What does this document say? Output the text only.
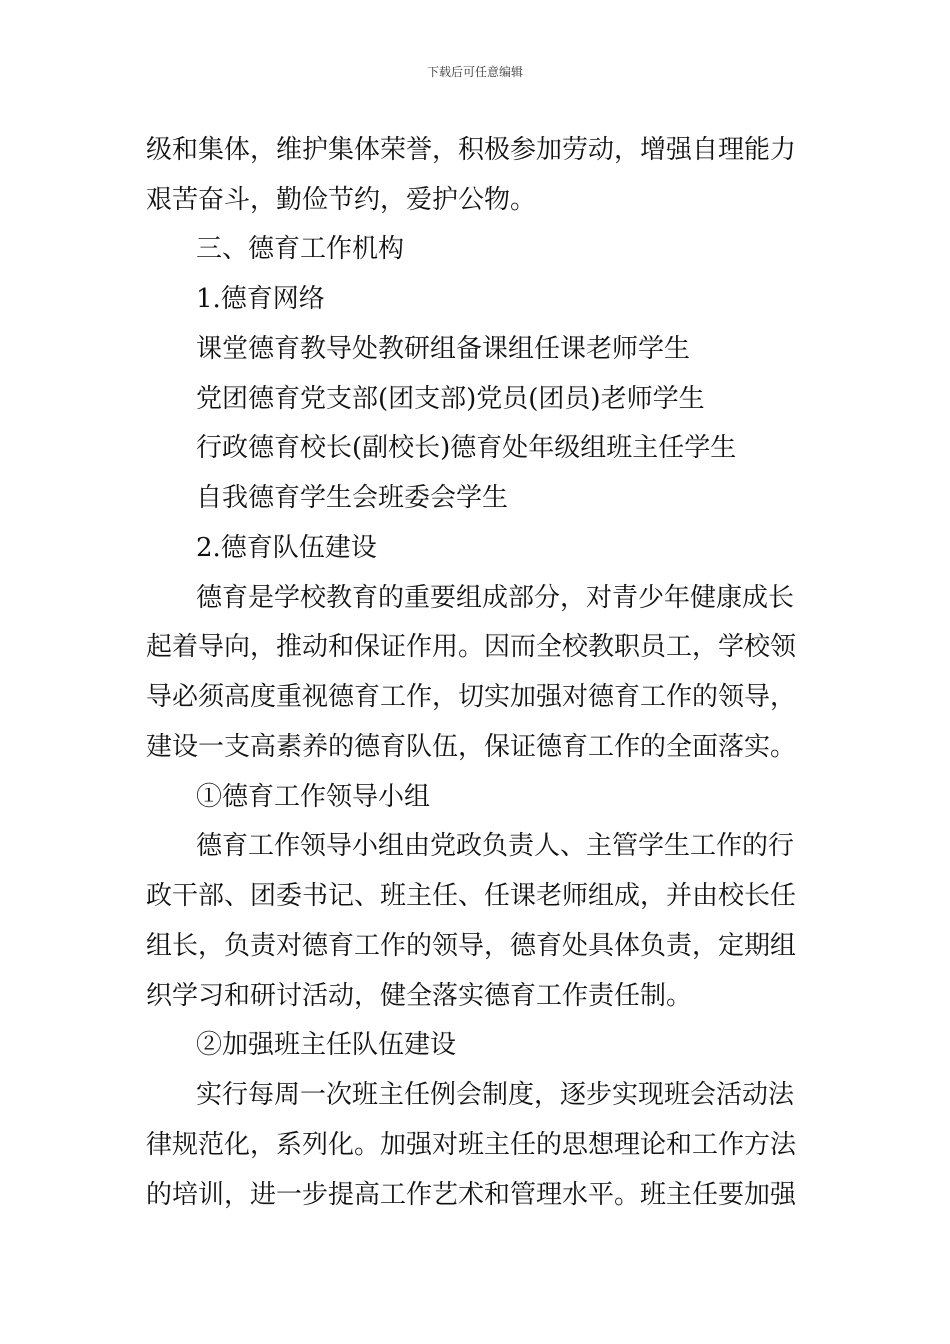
下载后可任意编辑
级和集体，维护集体荣誉，积极参加劳动，增强自理能力
艰苦奋斗，勤俭节约，爱护公物。
三、德育工作机构
1.德育网络
课堂德育教导处教研组备课组任课老师学生
党团德育党支部(团支部)党员(团员)老师学生
行政德育校长(副校长)德育处年级组班主任学生
自我德育学生会班委会学生
2.德育队伍建设
德育是学校教育的重要组成部分，对青少年健康成长
起着导向，推动和保证作用。因而全校教职员工，学校领
导必须高度重视德育工作，切实加强对德育工作的领导，
建设一支高素养的德育队伍，保证德育工作的全面落实。
①德育工作领导小组
德育工作领导小组由党政负责人、主管学生工作的行
政干部、团委书记、班主任、任课老师组成，并由校长任
组长，负责对德育工作的领导，德育处具体负责，定期组
织学习和研讨活动，健全落实德育工作责任制。
②加强班主任队伍建设
实行每周一次班主任例会制度，逐步实现班会活动法
律规范化，系列化。加强对班主任的思想理论和工作方法
的培训，进一步提高工作艺术和管理水平。班主任要加强
